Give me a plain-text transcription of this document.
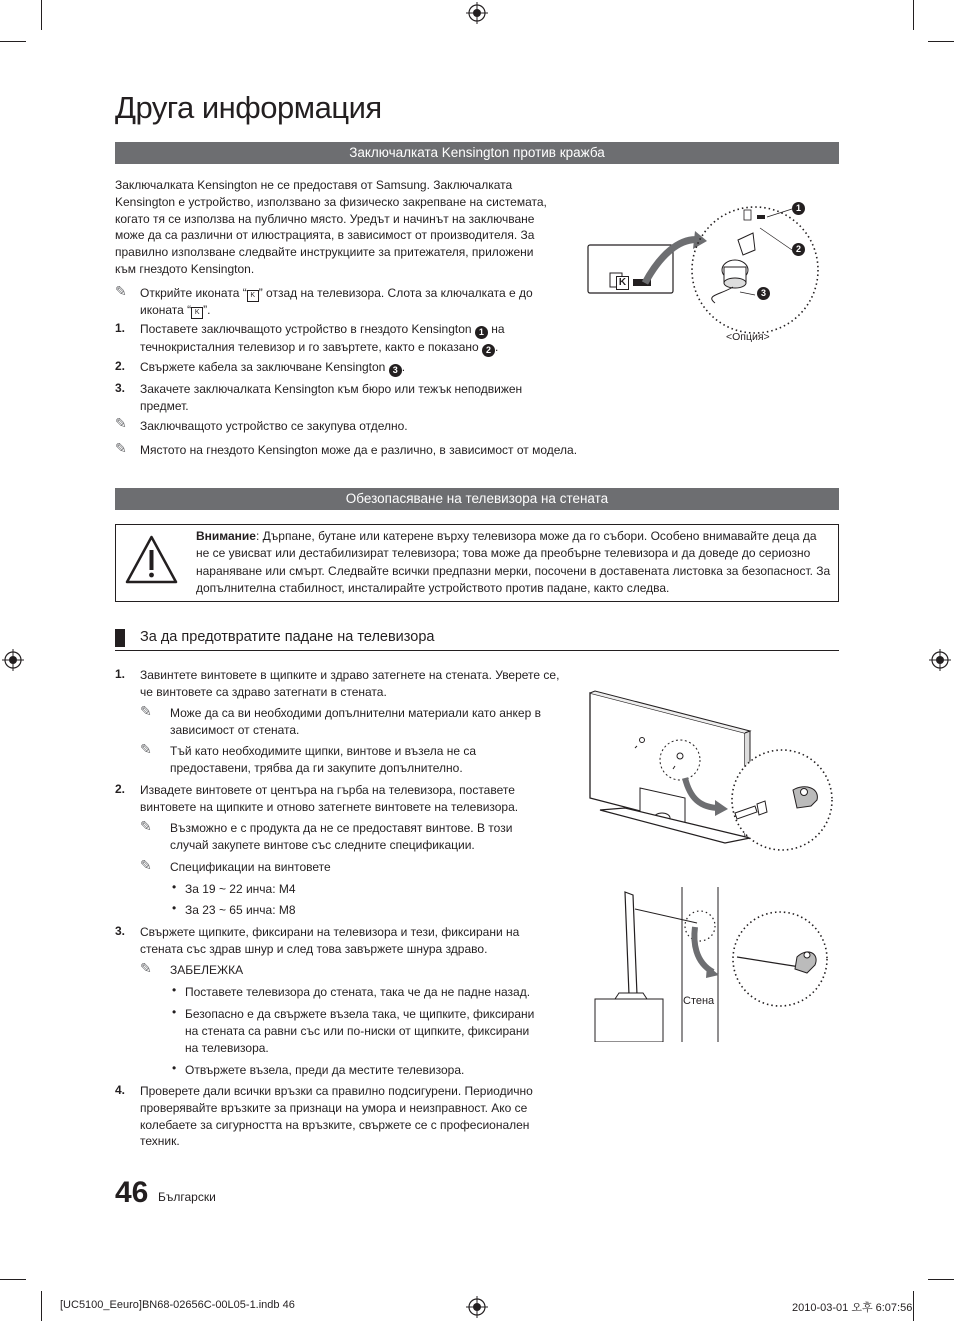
Друга информация
Заключалката Kensington против кражба
Заключалката Kensington не се предоставя от Samsung. Заключалката Kensington е устройство, използвано за физическо закрепване на системата, когато тя се използва на публично място. Уредът и начинът на заключване може да са различни от илюстрацията, в зависимост от производителя. За правилно използване следвайте инструкциите за притежателя, приложени към гнездото Kensington.
✎ Открийте иконата “ K ” отзад на телевизора. Слота за ключалката е до иконата “ K ”.
1. Поставете заключващото устройство в гнездото Kensington 1 на течнокристалния телевизор и го завъртете, както е показано 2 .
2. Свържете кабела за заключване Kensington 3 .
3. Закачете заключалката Kensington към бюро или тежък неподвижен предмет.
✎ Заключващото устройство се закупува отделно.
✎ Мястото на гнездото Kensington може да е различно, в зависимост от модела.
K
1
2
3
<Опция>
Обезопасяване на телевизора на стената
Внимание: Дърпане, бутане или катерене върху телевизора може да го събори. Особено внимавайте деца да не се увисват или дестабилизират телевизора; това може да преобърне телевизора и да доведе до сериозно нараняване или смърт. Следвайте всички предпазни мерки, посочени в доставената листовка за безопасност. За допълнителна стабилност, инсталирайте устройството против падане, както следва.
За да предотвратите падане на телевизора
1. Завинтете винтовете в щипките и здраво затегнете на стената. Уверете се, че винтовете са здраво затегнати в стената.
✎ Може да са ви необходими допълнителни материали като анкер в зависимост от стената.
✎ Тъй като необходимите щипки, винтове и възела не са предоставени, трябва да ги закупите допълнително.
2. Извадете винтовете от центъра на гърба на телевизора, поставете винтовете на щипките и отново затегнете винтовете на телевизора.
✎ Възможно е с продукта да не се предоставят винтове. В този случай закупете винтове със следните спецификации.
✎ Спецификации на винтовете
• За 19 ~ 22 инча: M4
• За 23 ~ 65 инча: M8
3. Свържете щипките, фиксирани на телевизора и тези, фиксирани на стената със здрав шнур и след това завържете шнура здраво.
✎ ЗАБЕЛЕЖКА
• Поставете телевизора до стената, така че да не падне назад.
• Безопасно е да свържете възела така, че щипките, фиксирани на стената са равни със или по-ниски от щипките, фиксирани на телевизора.
• Отвържете възела, преди да местите телевизора.
4. Проверете дали всички връзки са правилно подсигурени. Периодично проверявайте връзките за признаци на умора и неизправност. Ако се колебаете за сигурността на връзките, свържете се с професионален техник.
Стена
46 Български
[UC5100_Eeuro]BN68-02656C-00L05-1.indb 46	2010-03-01 오후 6:07:56
